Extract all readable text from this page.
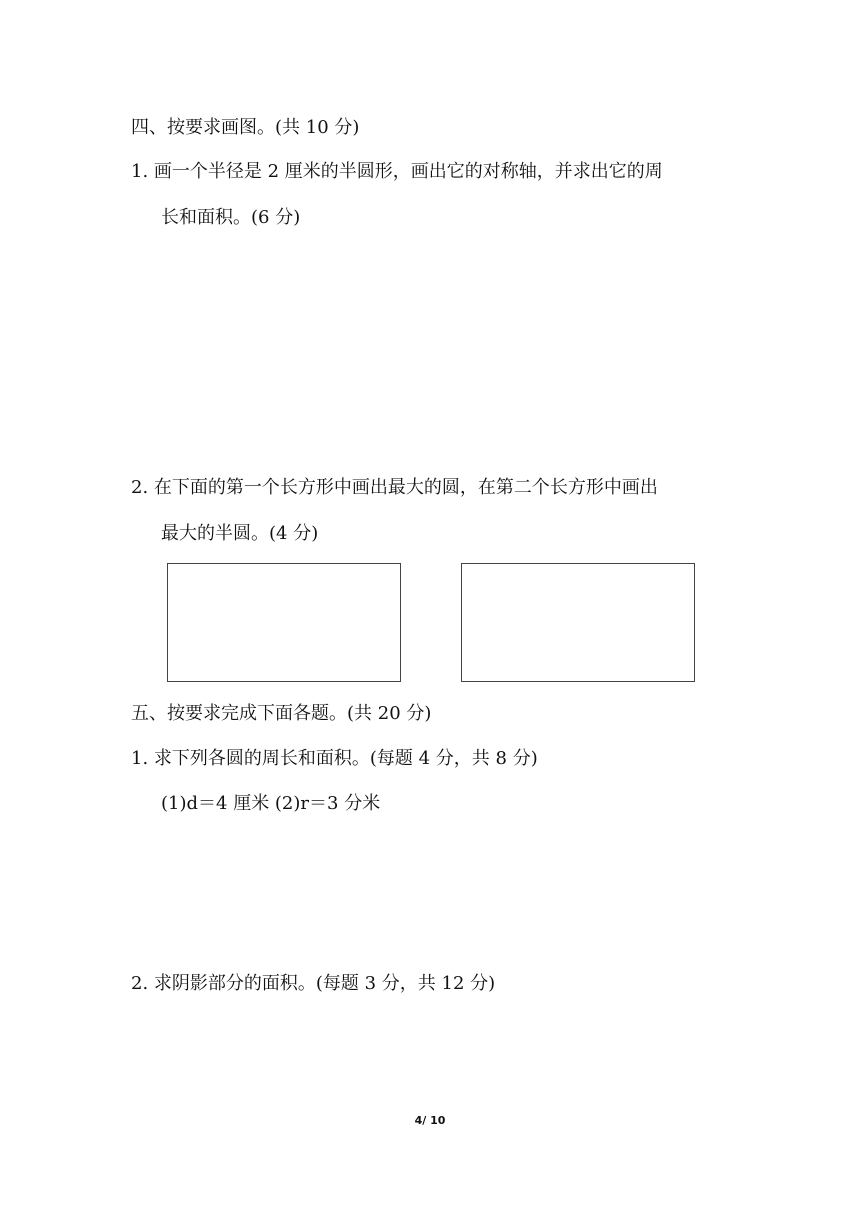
四、按要求画图。(共 10 分)
1. 画一个半径是 2 厘米的半圆形，画出它的对称轴，并求出它的周
长和面积。(6 分)
2. 在下面的第一个长方形中画出最大的圆，在第二个长方形中画出
最大的半圆。(4 分)
五、按要求完成下面各题。(共 20 分)
1. 求下列各圆的周长和面积。(每题 4 分，共 8 分)
(1)d＝4 厘米 (2)r＝3 分米
2. 求阴影部分的面积。(每题 3 分，共 12 分)
4/ 10
